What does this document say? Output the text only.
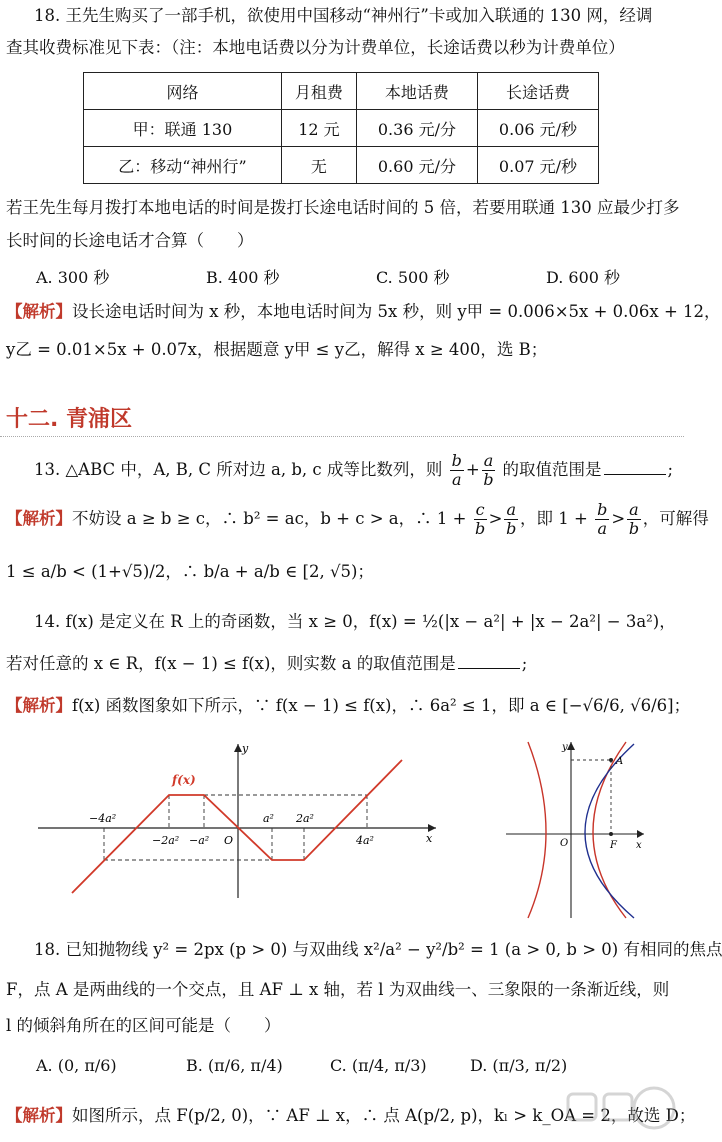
18. 王先生购买了一部手机，欲使用中国移动“神州行”卡或加入联通的 130 网，经调
查其收费标准见下表：（注：本地电话费以分为计费单位，长途话费以秒为计费单位）
网络	月租费	本地话费	长途话费
甲：联通 130	12 元	0.36 元/分	0.06 元/秒
乙：移动“神州行”	无	0.60 元/分	0.07 元/秒
若王先生每月拨打本地电话的时间是拨打长途电话时间的 5 倍，若要用联通 130 应最少打多
长时间的长途电话才合算（　　）
A. 300 秒	B. 400 秒	C. 500 秒	D. 600 秒
【解析】设长途电话时间为 x 秒，本地电话时间为 5x 秒，则 y甲 = 0.006×5x + 0.06x + 12，
y乙 = 0.01×5x + 0.07x，根据题意 y甲 ≤ y乙，解得 x ≥ 400，选 B；
十二. 青浦区
13. △ABC 中，A, B, C 所对边 a, b, c 成等比数列，则 $\frac{b}{a} + \frac{a}{b}$ 的取值范围是	;
【解析】不妨设 a ≥ b ≥ c，∴ b² = ac，b + c > a，∴ $1 + \frac{c}{b} > \frac{a}{b}$ ，即 $1 + \frac{b}{a} > \frac{a}{b}$ ，可解得
1 ≤ a/b < (1+√5)/2，∴ b/a + a/b ∈ [2, √5)；
14. f(x) 是定义在 R 上的奇函数，当 x ≥ 0，f(x) = ½(|x − a²| + |x − 2a²| − 3a²)，
若对任意的 x ∈ R，f(x − 1) ≤ f(x)，则实数 a 的取值范围是	;
【解析】f(x) 函数图象如下所示，∵ f(x − 1) ≤ f(x)，∴ 6a² ≤ 1，即 a ∈ [−√6/6, √6/6]；
f(x)
y
x
O
−4a²
−2a² −a²
a² 2a²
4a²
y
x
O	F
A
18. 已知抛物线 y² = 2px (p > 0) 与双曲线 x²/a² − y²/b² = 1 (a > 0, b > 0) 有相同的焦点
F，点 A 是两曲线的一个交点，且 AF ⊥ x 轴，若 l 为双曲线一、三象限的一条渐近线，则
l 的倾斜角所在的区间可能是（　　）
A. (0, π/6)	B. (π/6, π/4)	C. (π/4, π/3)	D. (π/3, π/2)
【解析】如图所示，点 F(p/2, 0)，∵ AF ⊥ x，∴ 点 A(p/2, p)，kₗ > k_OA = 2，故选 D；
